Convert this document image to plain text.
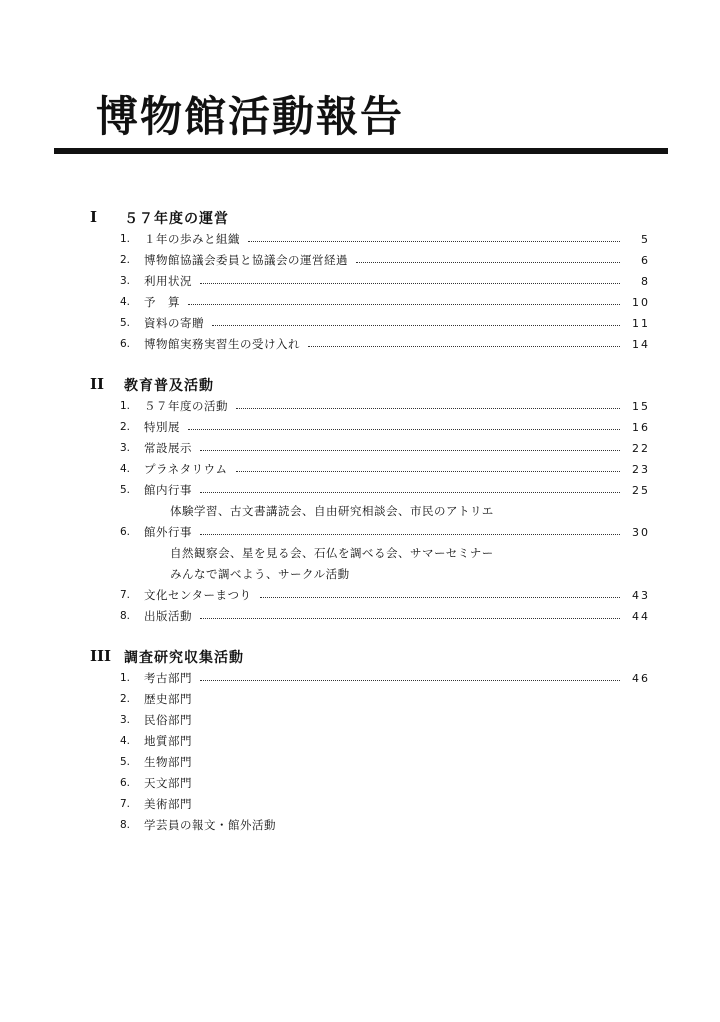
博物館活動報告
I ５７年度の運営
1.	１年の歩みと組織	5
2.	博物館協議会委員と協議会の運営経過	6
3.	利用状況	8
4.	予　算	10
5.	資料の寄贈	11
6.	博物館実務実習生の受け入れ	14
II 教育普及活動
1.	５７年度の活動	15
2.	特別展	16
3.	常設展示	22
4.	プラネタリウム	23
5.	館内行事	25
体験学習、古文書講読会、自由研究相談会、市民のアトリエ
6.	館外行事	30
自然観察会、星を見る会、石仏を調べる会、サマーセミナー
みんなで調べよう、サークル活動
7.	文化センターまつり	43
8.	出版活動	44
III 調査研究収集活動
1.	考古部門	46
2.	歴史部門
3.	民俗部門
4.	地質部門
5.	生物部門
6.	天文部門
7.	美術部門
8.	学芸員の報文・館外活動
